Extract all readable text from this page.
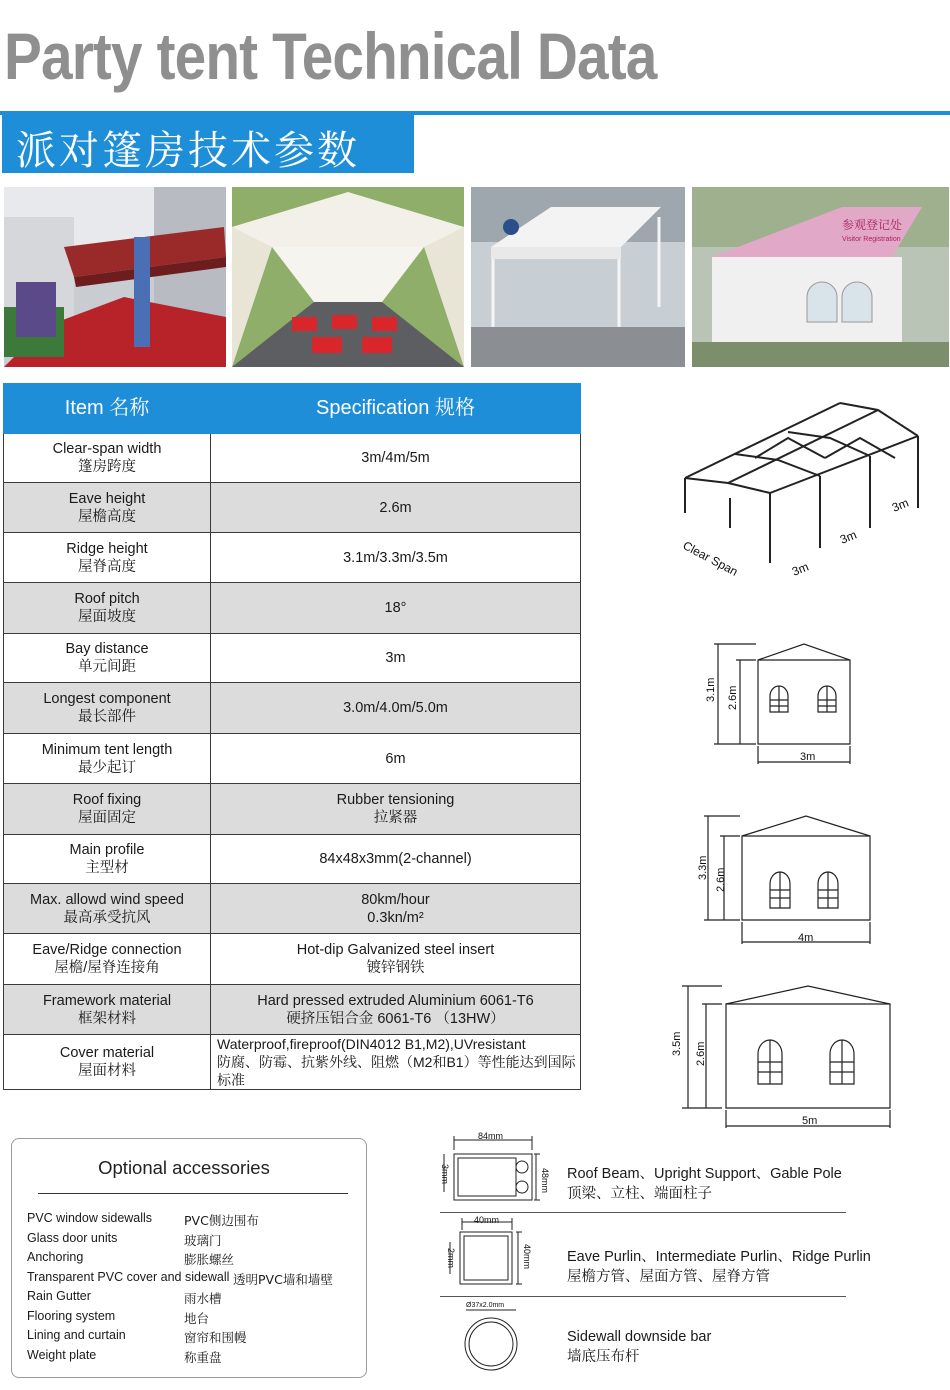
Party tent Technical Data
派对篷房技术参数
参观登记处
Visitor Registration
Item 名称	Specification 规格

Clear-span width
篷房跨度	3m/4m/5m

Eave height
屋檐高度	2.6m

Ridge height
屋脊高度	3.1m/3.3m/3.5m

Roof pitch
屋面坡度	18°

Bay distance
单元间距	3m

Longest component
最长部件	3.0m/4.0m/5.0m

Minimum tent length
最少起订	6m

Roof fixing
屋面固定	Rubber tensioning
拉紧器

Main profile
主型材	84x48x3mm(2-channel)

Max. allowd wind speed
最高承受抗风	80km/hour
0.3kn/m²

Eave/Ridge connection
屋檐/屋脊连接角	Hot-dip Galvanized steel insert
镀锌钢铁

Framework material
框架材料	Hard pressed extruded Aluminium 6061-T6
硬挤压铝合金 6061-T6 （13HW）

Cover material
屋面材料	Waterproof,fireproof(DIN4012 B1,M2),UVresistant
防腐、防霉、抗紫外线、阻燃（M2和B1）等性能达到国际标准
Clear Span	3m
3m
3m
3.1m 2.6m
3m
3.3m 2.6m
4m
3.5m 2.6m
5m
Optional accessories
PVC window sidewalls	PVC侧边围布
Glass door units	玻璃门
Anchoring	膨胀螺丝
Transparent PVC cover and sidewall 透明PVC墙和墙壁
Rain Gutter	雨水槽
Flooring system	地台
Lining and curtain	窗帘和围幔
Weight plate	称重盘
84mm
48mm
3mm	Roof Beam、Upright Support、Gable Pole
顶梁、立柱、端面柱子
40mm
40mm
2mm	Eave Purlin、Intermediate Purlin、Ridge Purlin
屋檐方管、屋面方管、屋脊方管
Ø37x2.0mm
Sidewall downside bar
墙底压布杆
